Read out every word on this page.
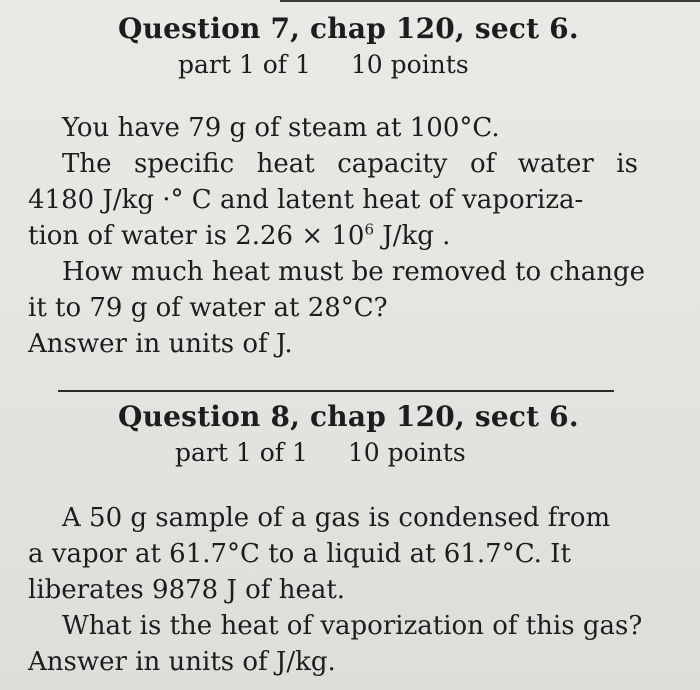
Question 7, chap 120, sect 6.
part 1 of 1 10 points
You have 79 g of steam at 100°C.
The specific heat capacity of water is
4180 J/kg ·° C and latent heat of vaporiza-
tion of water is $2.26 \times 10^6$ J/kg .
How much heat must be removed to change
it to 79 g of water at 28°C?
Answer in units of J.
Question 8, chap 120, sect 6.
part 1 of 1 10 points
A 50 g sample of a gas is condensed from
a vapor at 61.7°C to a liquid at 61.7°C. It
liberates 9878 J of heat.
What is the heat of vaporization of this gas?
Answer in units of J/kg.
